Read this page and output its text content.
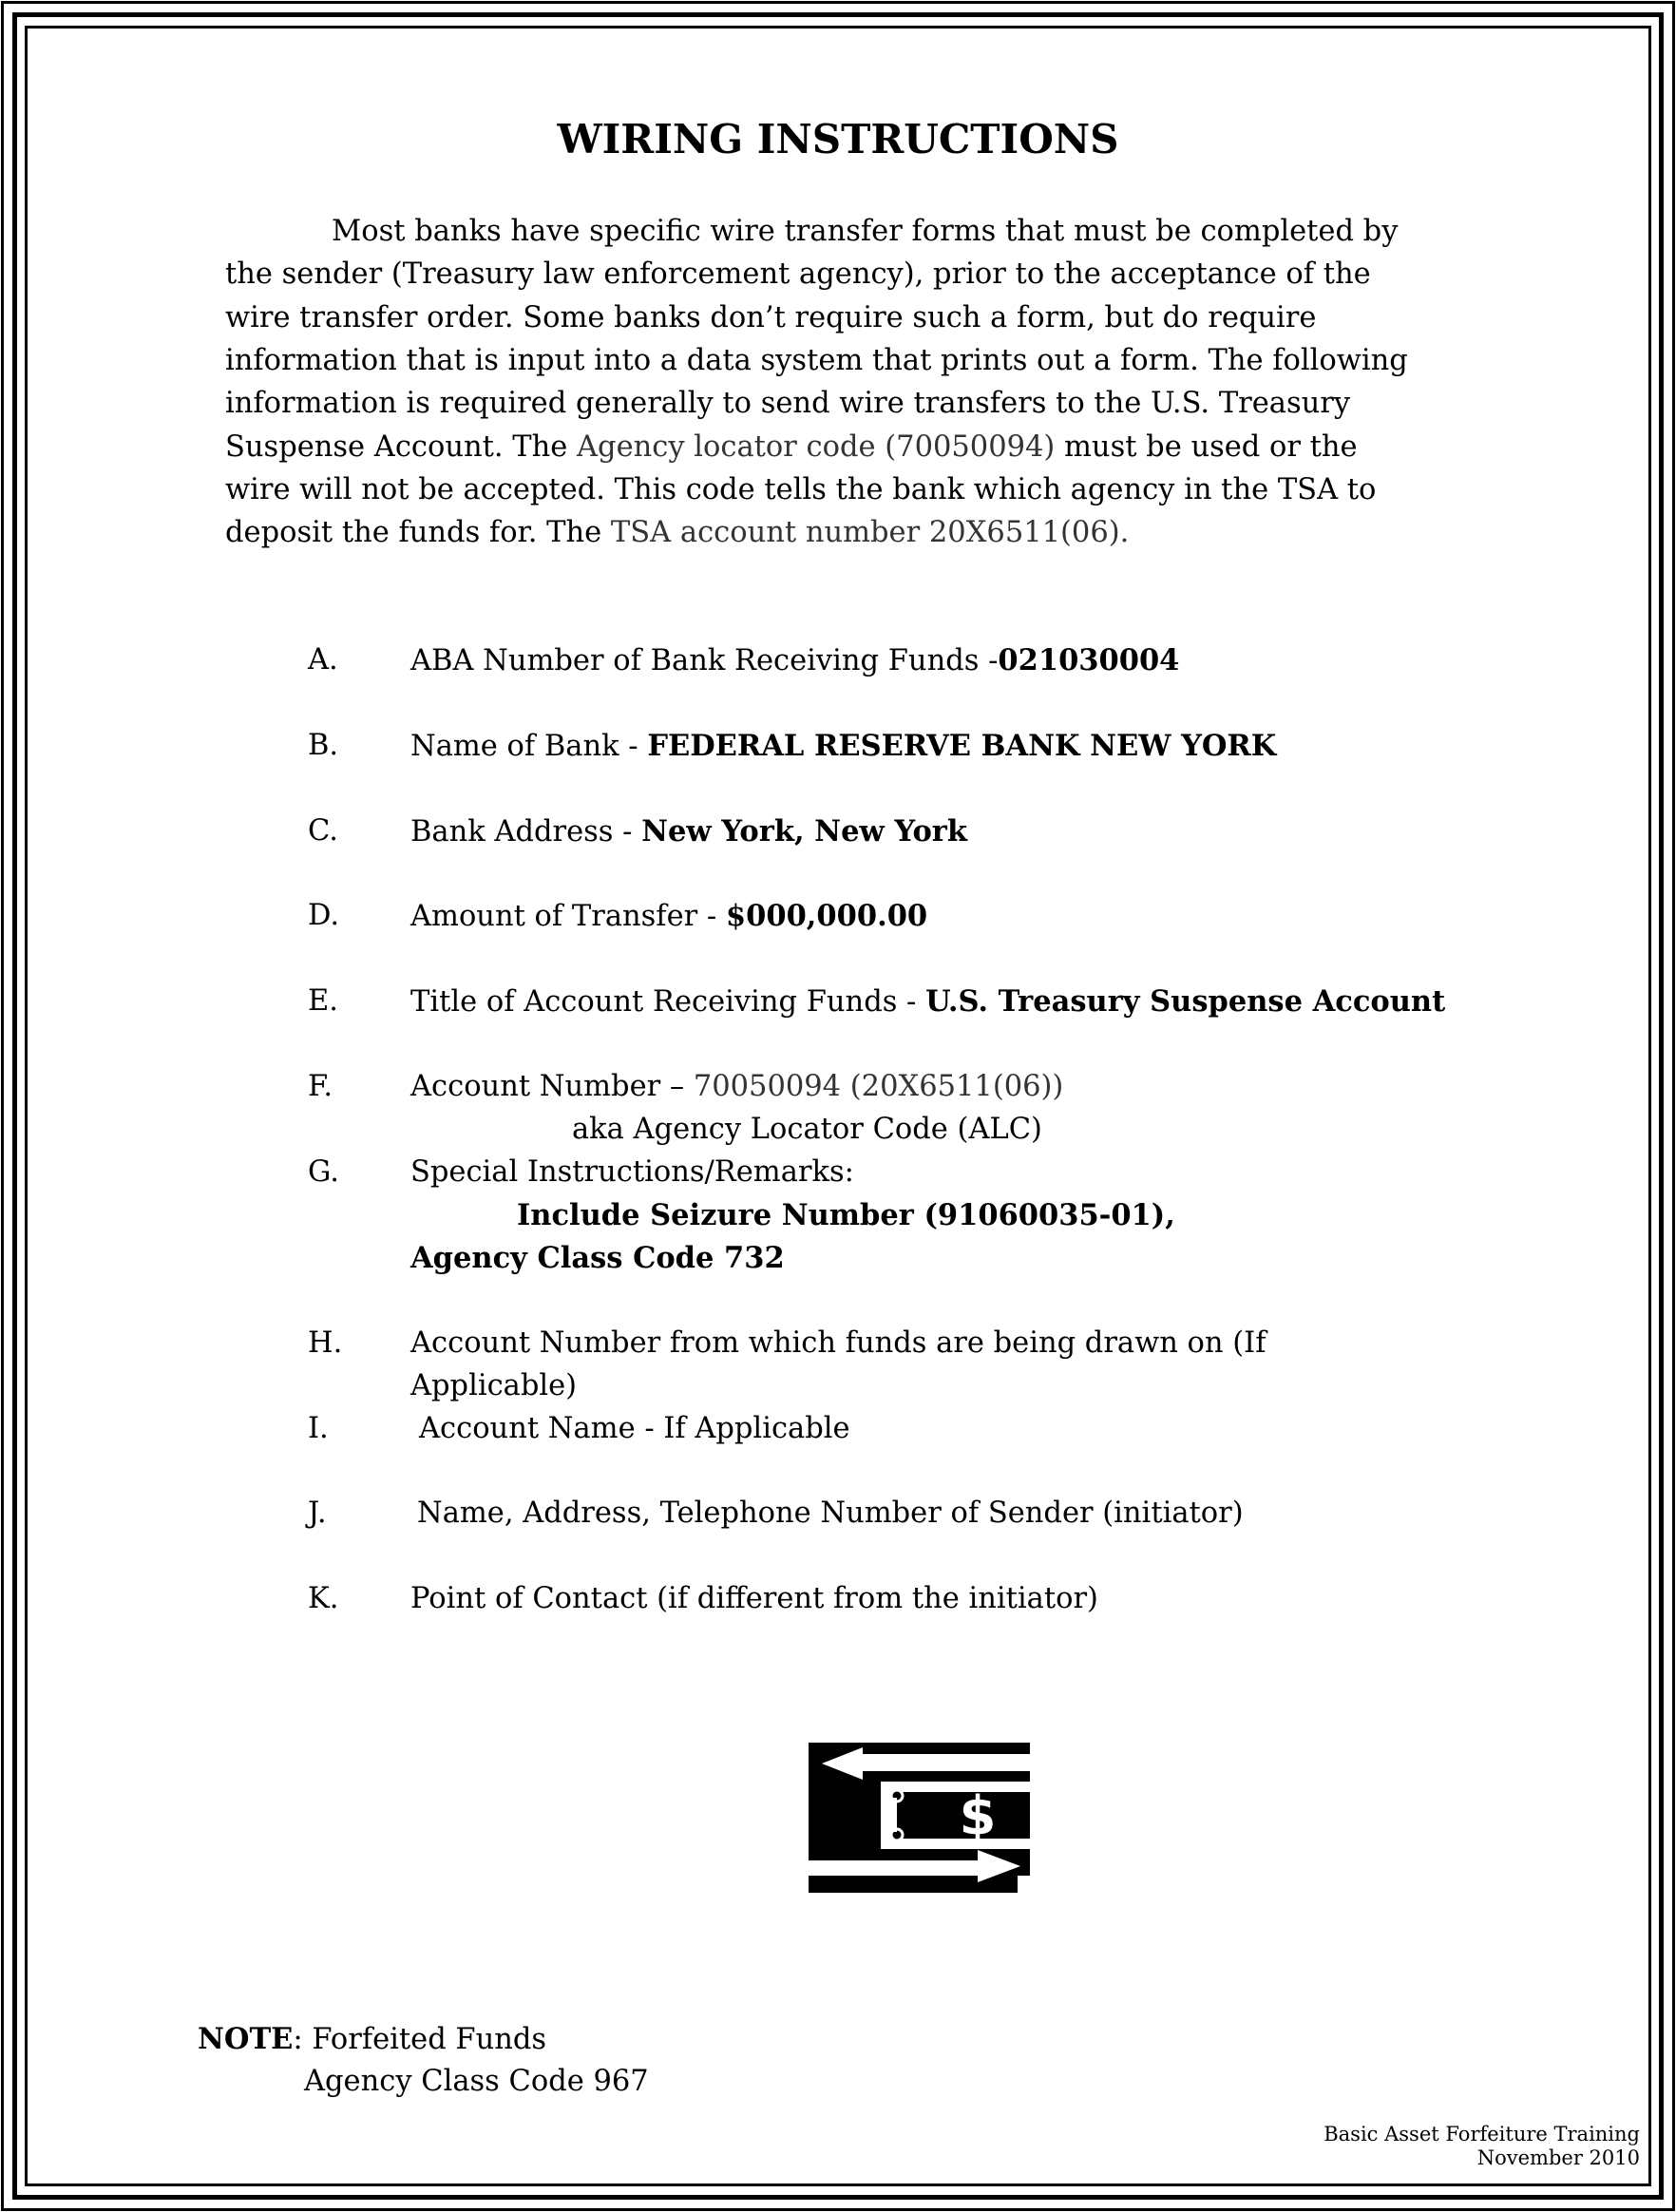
WIRING INSTRUCTIONS
Most banks have specific wire transfer forms that must be completed by
the sender (Treasury law enforcement agency), prior to the acceptance of the
wire transfer order. Some banks don’t require such a form, but do require
information that is input into a data system that prints out a form. The following
information is required generally to send wire transfers to the U.S. Treasury
Suspense Account. The Agency locator code (70050094) must be used or the
wire will not be accepted. This code tells the bank which agency in the TSA to
deposit the funds for. The TSA account number 20X6511(06).
A.	ABA Number of Bank Receiving Funds -021030004
B. Name of Bank - FEDERAL RESERVE BANK NEW YORK
C. Bank Address - New York, New York
D. Amount of Transfer - $000,000.00
E. Title of Account Receiving Funds - U.S. Treasury Suspense Account
F.	Account Number – 70050094 (20X6511(06))
aka Agency Locator Code (ALC)
G. Special Instructions/Remarks:
Include Seizure Number (91060035-01),
Agency Class Code 732
H. Account Number from which funds are being drawn on (If
Applicable)
I.	Account Name - If Applicable
J.	Name, Address, Telephone Number of Sender (initiator)
K. Point of Contact (if different from the initiator)
$
NOTE: Forfeited Funds
Agency Class Code 967
Basic Asset Forfeiture Training
November 2010
